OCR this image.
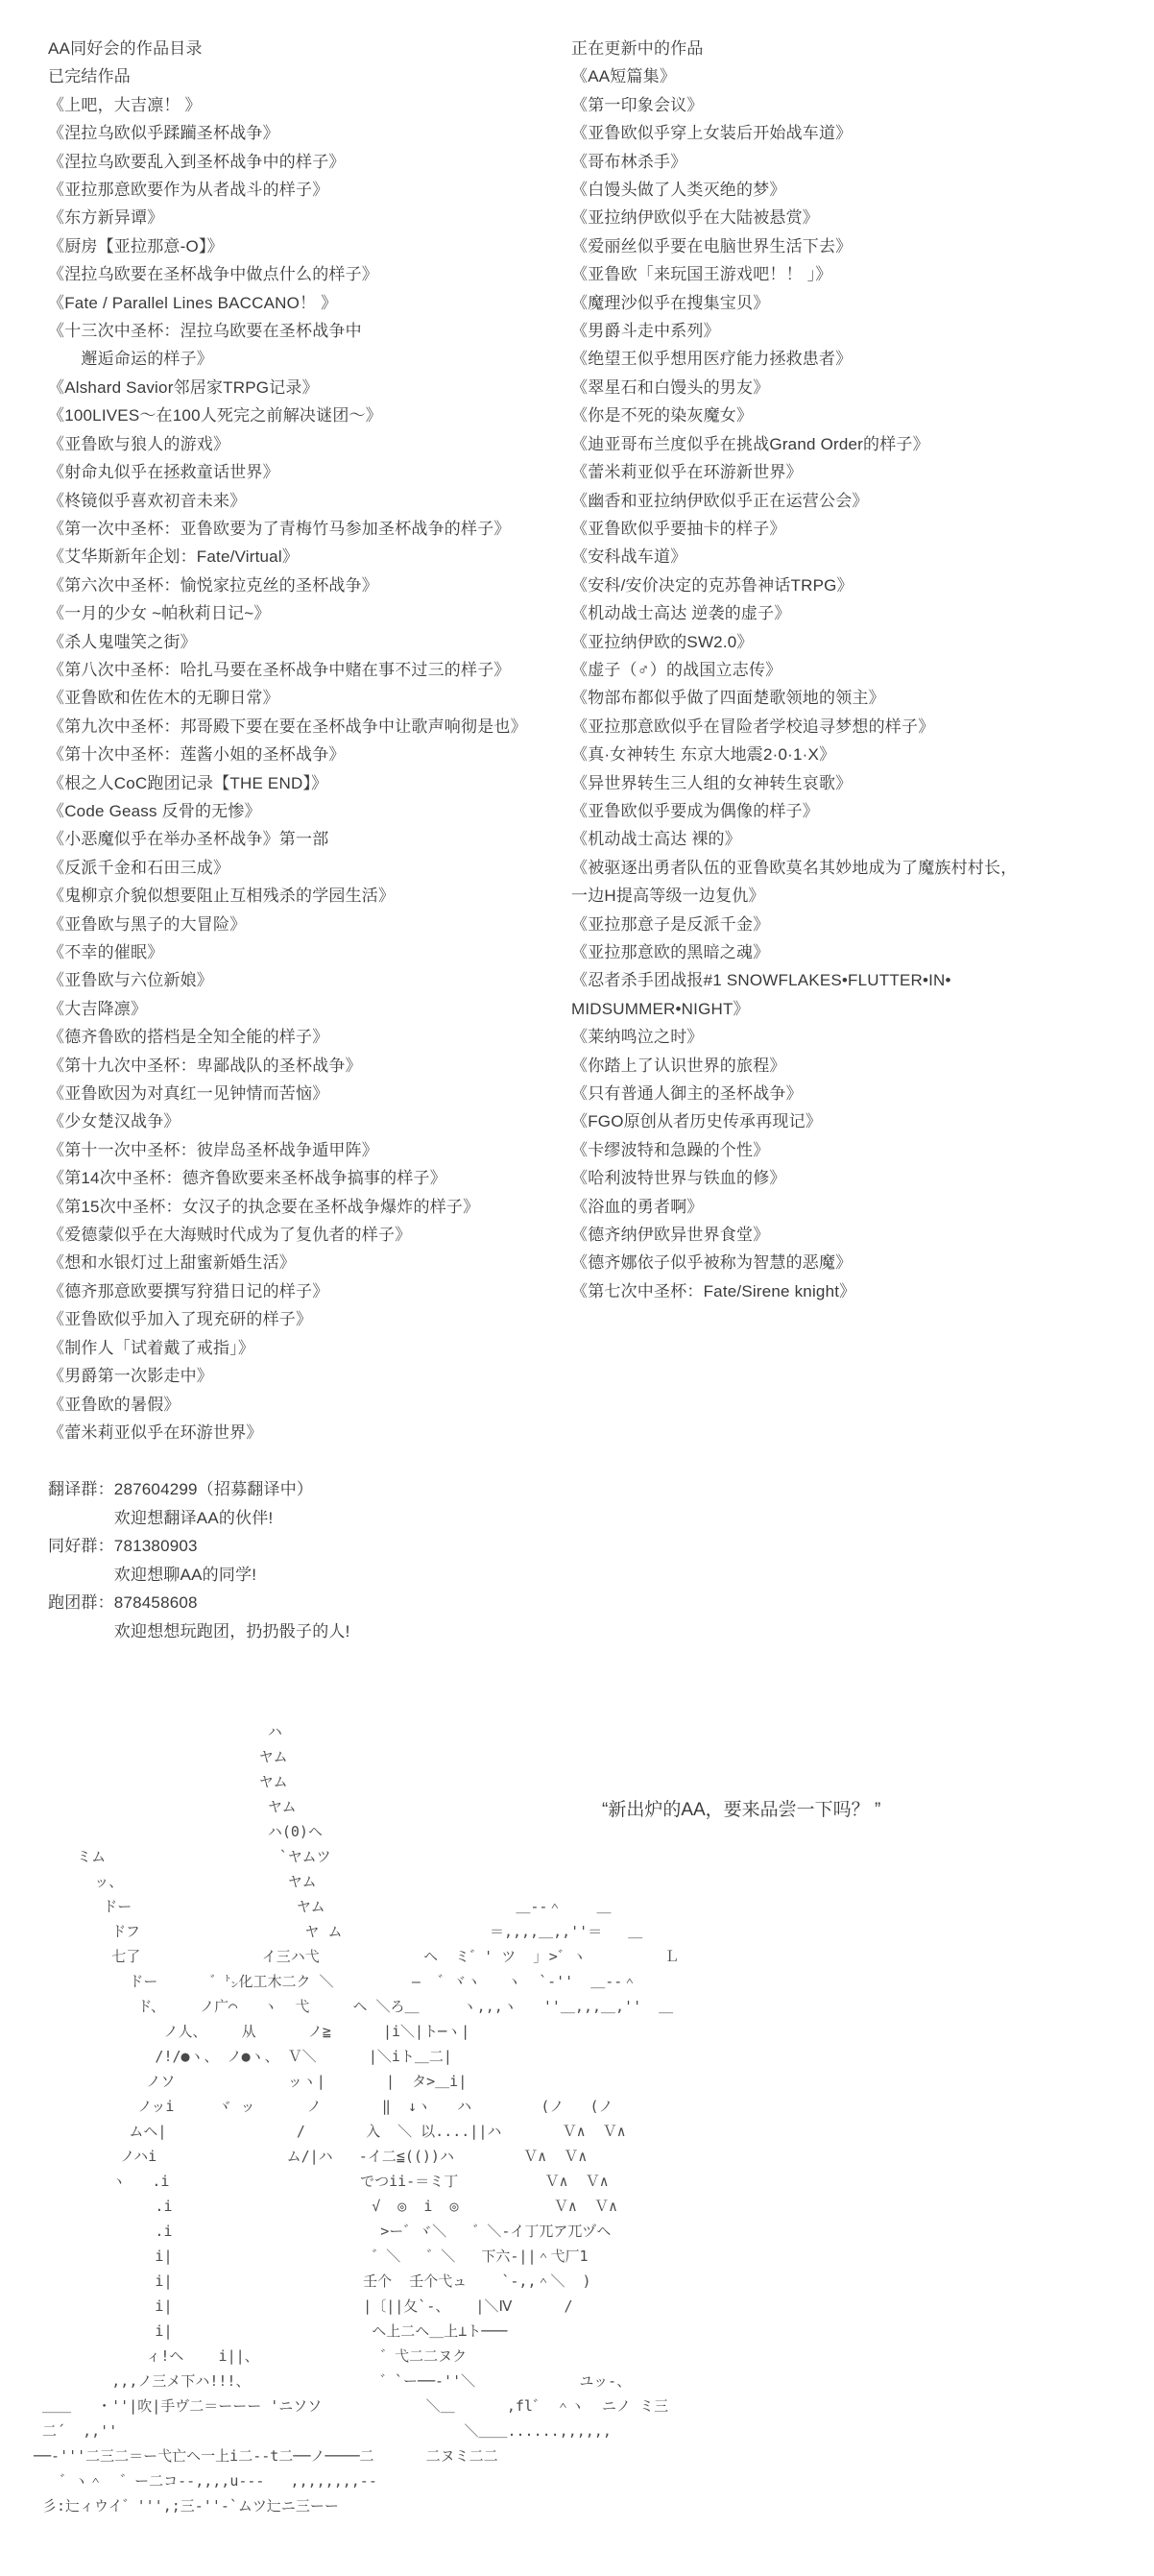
AA同好会的作品目录
已完结作品
《上吧，大吉凛！ 》
《涅拉乌欧似乎蹂躏圣杯战争》
《涅拉乌欧要乱入到圣杯战争中的样子》
《亚拉那意欧要作为从者战斗的样子》
《东方新异谭》
《厨房【亚拉那意-O】》
《涅拉乌欧要在圣杯战争中做点什么的样子》
《Fate / Parallel Lines BACCANO！ 》
《十三次中圣杯：涅拉乌欧要在圣杯战争中
　　邂逅命运的样子》
《Alshard Savior邻居家TRPG记录》
《100LIVES～在100人死完之前解决谜团～》
《亚鲁欧与狼人的游戏》
《射命丸似乎在拯救童话世界》
《柊镜似乎喜欢初音未来》
《第一次中圣杯：亚鲁欧要为了青梅竹马参加圣杯战争的样子》
《艾华斯新年企划：Fate/Virtual》
《第六次中圣杯：愉悦家拉克丝的圣杯战争》
《一月的少女 ~帕秋莉日记~》
《杀人鬼嗤笑之街》
《第八次中圣杯：哈扎马要在圣杯战争中赌在事不过三的样子》
《亚鲁欧和佐佐木的无聊日常》
《第九次中圣杯：邦哥殿下要在要在圣杯战争中让歌声响彻是也》
《第十次中圣杯：莲酱小姐的圣杯战争》
《根之人CoC跑团记录【THE END】》
《Code Geass 反骨的无惨》
《小恶魔似乎在举办圣杯战争》第一部
《反派千金和石田三成》
《鬼柳京介貌似想要阻止互相残杀的学园生活》
《亚鲁欧与黑子的大冒险》
《不幸的催眠》
《亚鲁欧与六位新娘》
《大吉降凛》
《德齐鲁欧的搭档是全知全能的样子》
《第十九次中圣杯：卑鄙战队的圣杯战争》
《亚鲁欧因为对真红一见钟情而苦恼》
《少女楚汉战争》
《第十一次中圣杯：彼岸岛圣杯战争遁甲阵》
《第14次中圣杯：德齐鲁欧要来圣杯战争搞事的样子》
《第15次中圣杯：女汉子的执念要在圣杯战争爆炸的样子》
《爱德蒙似乎在大海贼时代成为了复仇者的样子》
《想和水银灯过上甜蜜新婚生活》
《德齐那意欧要撰写狩猎日记的样子》
《亚鲁欧似乎加入了现充研的样子》
《制作人「试着戴了戒指」》
《男爵第一次影走中》
《亚鲁欧的暑假》
《蕾米莉亚似乎在环游世界》
正在更新中的作品
《AA短篇集》
《第一印象会议》
《亚鲁欧似乎穿上女装后开始战车道》
《哥布林杀手》
《白馒头做了人类灭绝的梦》
《亚拉纳伊欧似乎在大陆被悬赏》
《爱丽丝似乎要在电脑世界生活下去》
《亚鲁欧「来玩国王游戏吧！！ 」》
《魔理沙似乎在搜集宝贝》
《男爵斗走中系列》
《绝望王似乎想用医疗能力拯救患者》
《翠星石和白馒头的男友》
《你是不死的染灰魔女》
《迪亚哥布兰度似乎在挑战Grand Order的样子》
《蕾米莉亚似乎在环游新世界》
《幽香和亚拉纳伊欧似乎正在运营公会》
《亚鲁欧似乎要抽卡的样子》
《安科战车道》
《安科/安价决定的克苏鲁神话TRPG》
《机动战士高达 逆袭的虚子》
《亚拉纳伊欧的SW2.0》
《虚子（♂）的战国立志传》
《物部布都似乎做了四面楚歌领地的领主》
《亚拉那意欧似乎在冒险者学校追寻梦想的样子》
《真·女神转生 东京大地震2·0·1·X》
《异世界转生三人组的女神转生哀歌》
《亚鲁欧似乎要成为偶像的样子》
《机动战士高达 裸的》
《被驱逐出勇者队伍的亚鲁欧莫名其妙地成为了魔族村村长，
一边H提高等级一边复仇》
《亚拉那意子是反派千金》
《亚拉那意欧的黑暗之魂》
《忍者杀手团战报#1 SNOWFLAKES•FLUTTER•IN•
MIDSUMMER•NIGHT》
《莱纳鸣泣之时》
《你踏上了认识世界的旅程》
《只有普通人御主的圣杯战争》
《FGO原创从者历史传承再现记》
《卡缪波特和急躁的个性》
《哈利波特世界与铁血的修》
《浴血的勇者啊》
《德齐纳伊欧异世界食堂》
《德齐娜依子似乎被称为智慧的恶魔》
《第七次中圣杯：Fate/Sirene knight》
翻译群：287604299（招募翻译中）
　　　　欢迎想翻译AA的伙伴!
同好群：781380903
　　　　欢迎想聊AA的同学!
跑团群：878458608
　　　　欢迎想想玩跑团，扔扔骰子的人!
“新出炉的AA，要来品尝一下吗？ ”
ハ
ヤム
ヤム
ヤム
ハ(0)ヘ
ミム                    `ヤムツ
ッ、                   ヤム
ドー                   ヤム                      ＿--＾    ＿
ドフ                   ヤ ム                 ＝,,,,＿,,''＝   ＿
七了              イ三ハ弋            ヘ  ミ゛' ツ  ｣ >゛ヽ         Ｌ
ドー      ゛㌧化工木二ク ＼         ―  ゛ヾヽ   ヽ  `-''  ＿--＾
ド、    ノ广⌒   ヽ  弋     ヘ ＼ろ＿     ヽ,,,ヽ   ''＿,,,＿,''  ＿
ノ人、    从      ノ≧      |i＼|ト─ヽ|
/!/●ヽ、 ノ●ヽ、 Ｖ＼      |＼iト＿二|
ノソ             ッヽ|       |  タ>＿i|
ノッi     ヾ ッ      ノ       ‖  ↓ヽ   ハ        (ノ   (ノ
ムヘ|               /       入  ＼ 以....||ハ       Ｖ∧  Ｖ∧
ノハi               ム/|ハ   -イ二≦(())ハ        Ｖ∧  Ｖ∧
ヽ   .i                      でつii-＝ミ丁          Ｖ∧  Ｖ∧
.i                       √  ◎  i  ◎           Ｖ∧  Ｖ∧
.i                        >ー゛ヾ＼   ゛＼-イ丁兀ア兀ヅヘ
i|                       ゛＼   ゛＼   下六-||＾弋厂1
i|                      壬个  壬个弋ュ    `-,,＾＼  )
i|                      |〔||夂`-、   |＼Ⅳ      /
i|                       ヘ上二ヘ＿上⊥ト───
ィ!ヘ    i||、              ゛弋二二ヌク
,,,ノ三メ下ハ!!!、               ゛`ー──-''＼            ユッ-、
＿＿   ・''|吹|手ヴ二＝ーーー 'ニソソ            ＼＿      ,fl゛ ＾ヽ  ニノ ミ三
二´  ,,''                                        ＼＿＿......,,,,,,
──-'''二三二＝ー弋亡ヘ一上i二--t二──ノ────二      二ヌミ二二
゛ヽ＾  ゛ー二コ--,,,,u---   ,,,,,,,,--
彡:辷ィウイ゛''',;三-''-`ムツ辷ニ三ーー
